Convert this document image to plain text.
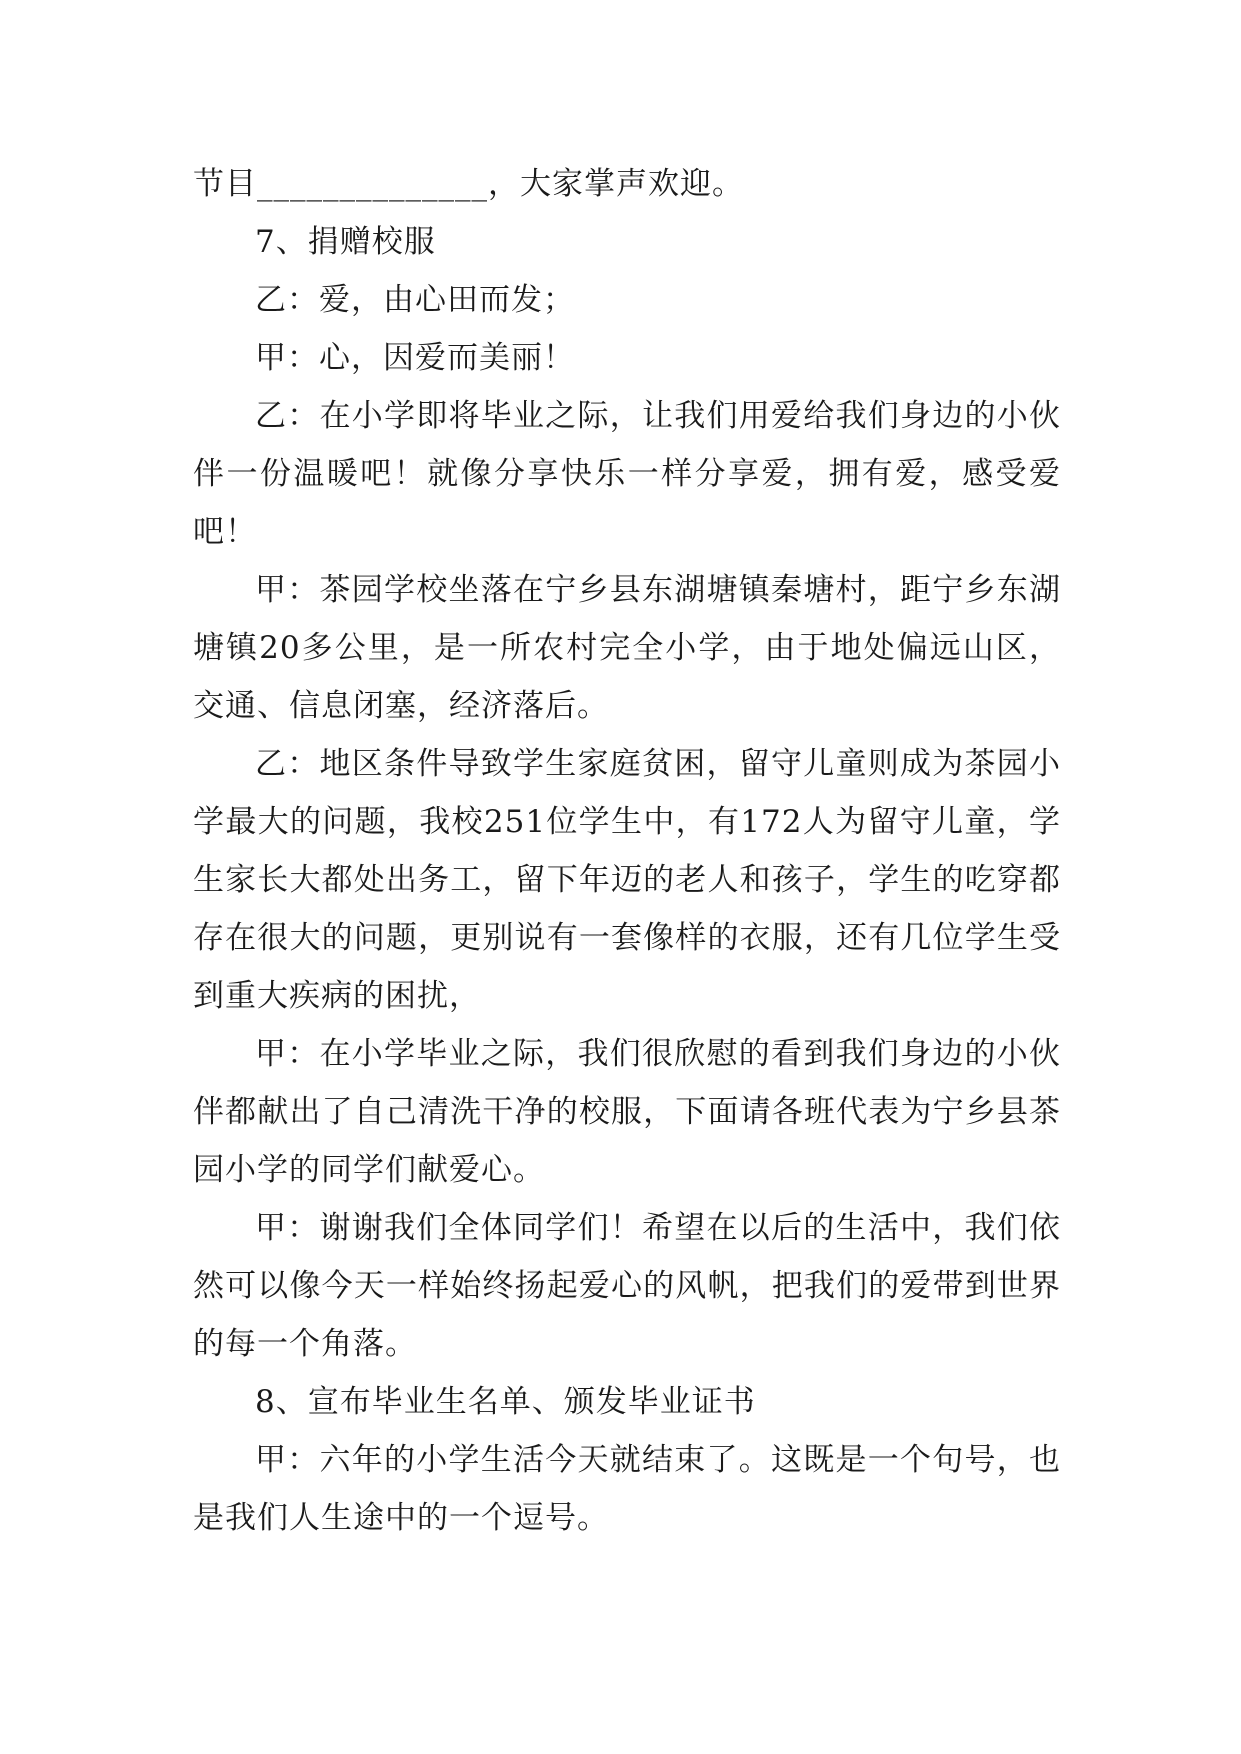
节目______________，大家掌声欢迎。

7、捐赠校服

乙：爱，由心田而发；

甲：心，因爱而美丽！

乙：在小学即将毕业之际，让我们用爱给我们身边的小伙伴一份温暖吧！就像分享快乐一样分享爱，拥有爱，感受爱吧！

甲：茶园学校坐落在宁乡县东湖塘镇秦塘村，距宁乡东湖塘镇20多公里，是一所农村完全小学，由于地处偏远山区，交通、信息闭塞，经济落后。

乙：地区条件导致学生家庭贫困，留守儿童则成为茶园小学最大的问题，我校251位学生中，有172人为留守儿童，学生家长大都处出务工，留下年迈的老人和孩子，学生的吃穿都存在很大的问题，更别说有一套像样的衣服，还有几位学生受到重大疾病的困扰，

甲：在小学毕业之际，我们很欣慰的看到我们身边的小伙伴都献出了自己清洗干净的校服，下面请各班代表为宁乡县茶园小学的同学们献爱心。

甲：谢谢我们全体同学们！希望在以后的生活中，我们依然可以像今天一样始终扬起爱心的风帆，把我们的爱带到世界的每一个角落。

8、宣布毕业生名单、颁发毕业证书

甲：六年的小学生活今天就结束了。这既是一个句号，也是我们人生途中的一个逗号。
